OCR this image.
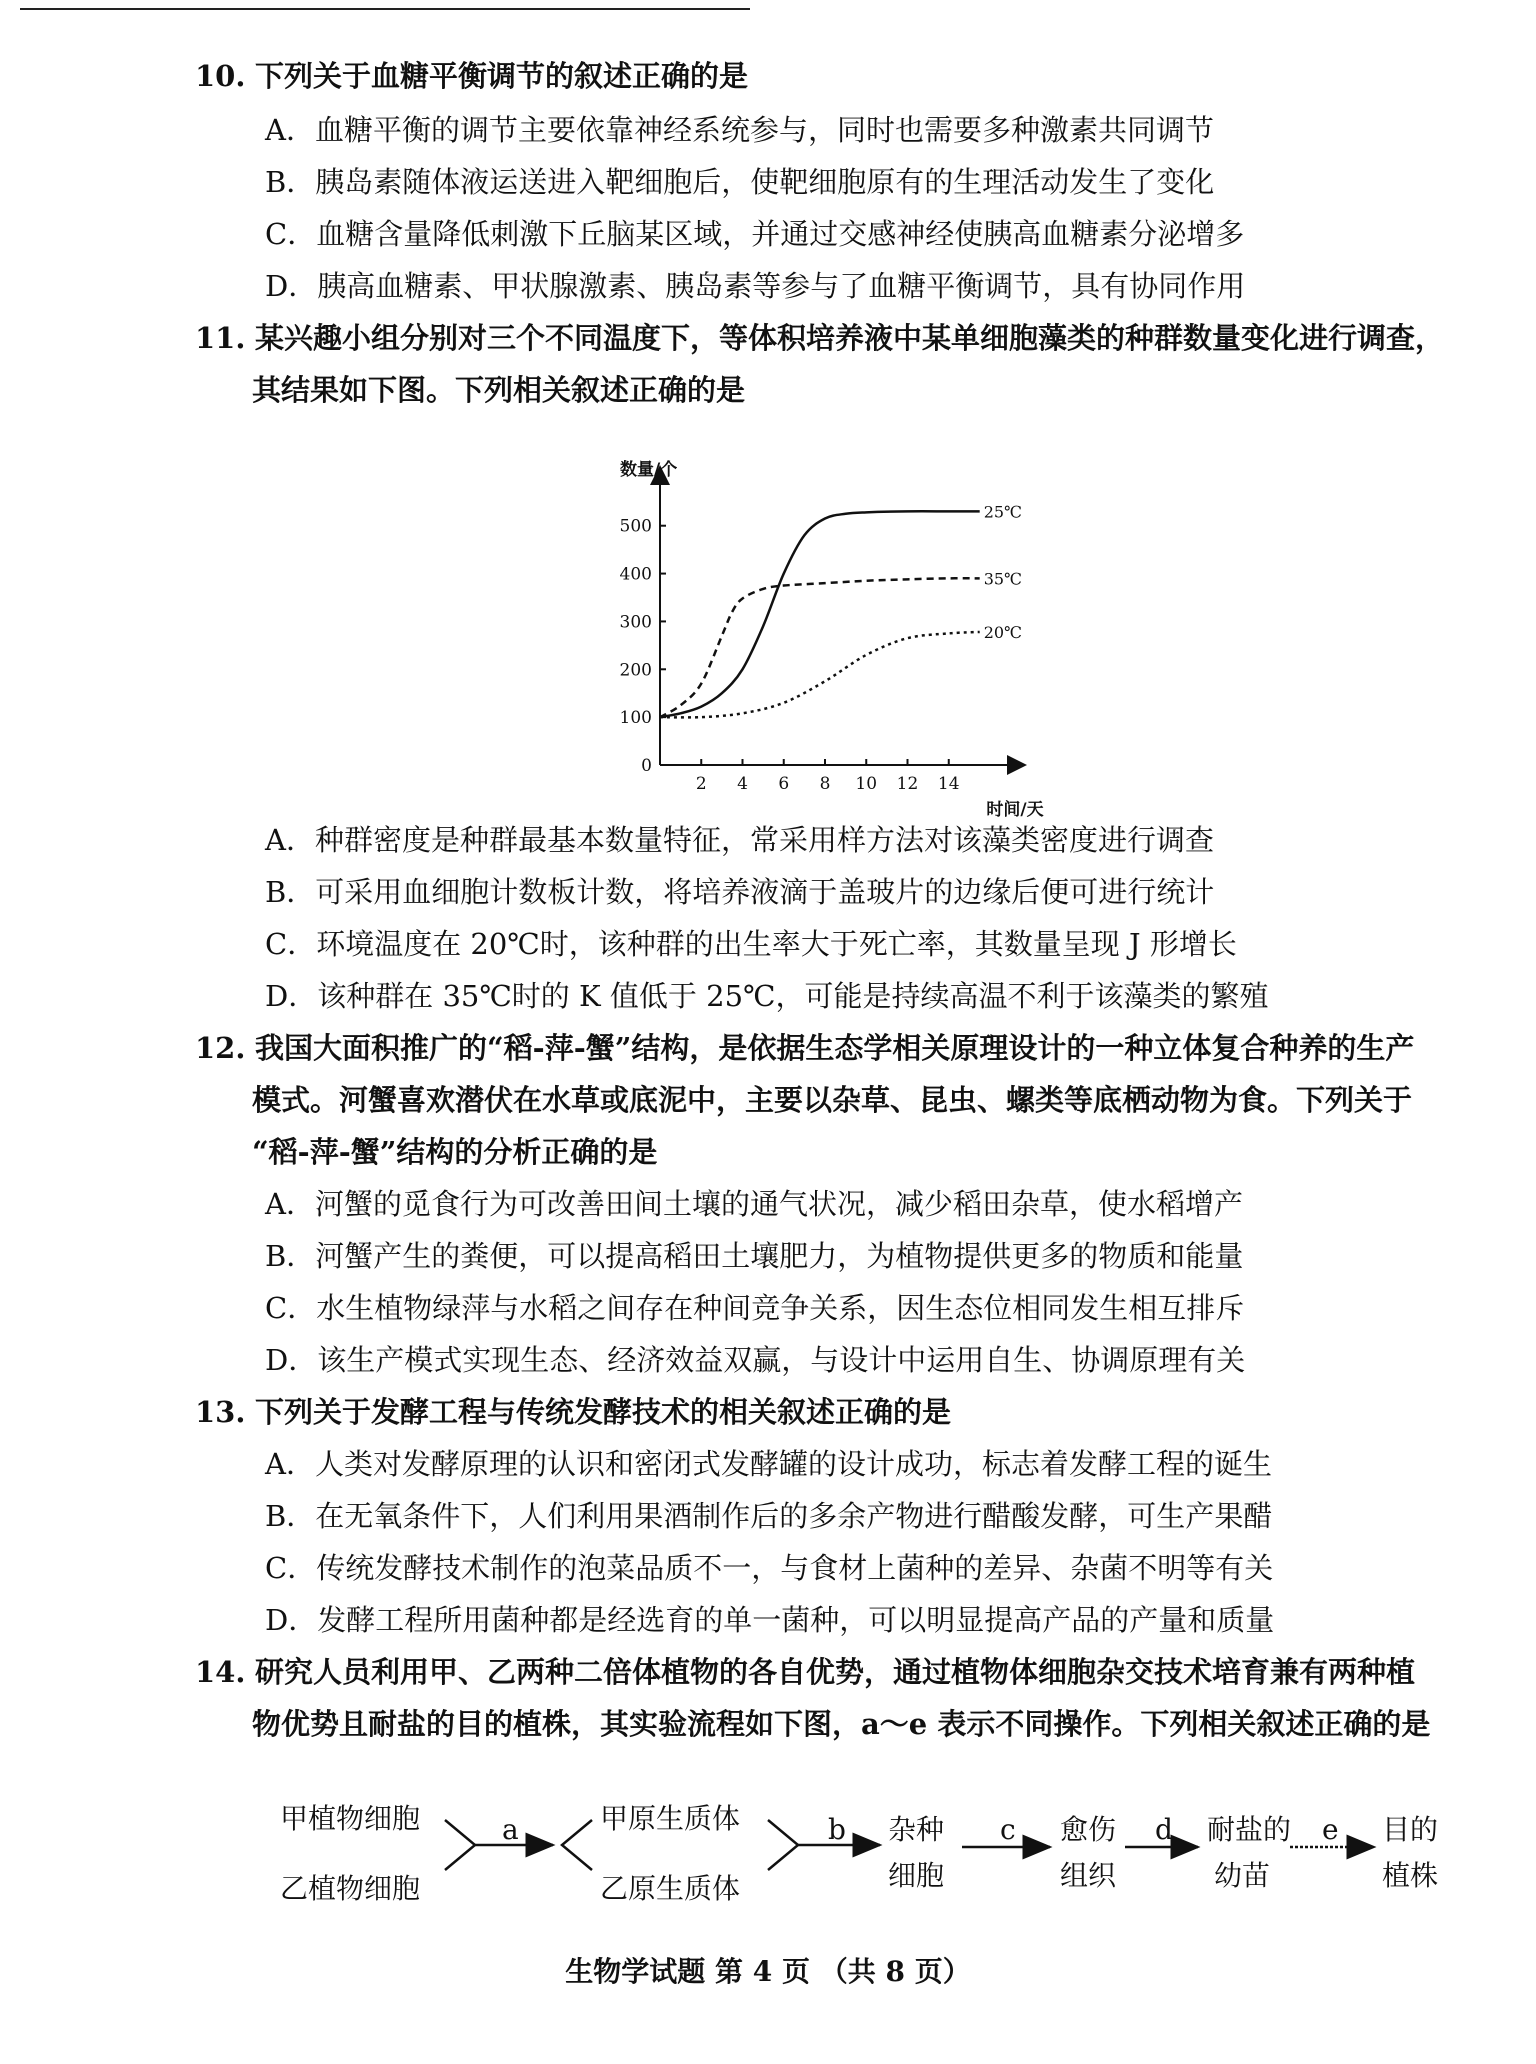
10. 下列关于血糖平衡调节的叙述正确的是
A．血糖平衡的调节主要依靠神经系统参与，同时也需要多种激素共同调节
B．胰岛素随体液运送进入靶细胞后，使靶细胞原有的生理活动发生了变化
C．血糖含量降低刺激下丘脑某区域，并通过交感神经使胰高血糖素分泌增多
D．胰高血糖素、甲状腺激素、胰岛素等参与了血糖平衡调节，具有协同作用
11. 某兴趣小组分别对三个不同温度下，等体积培养液中某单细胞藻类的种群数量变化进行调查，
其结果如下图。下列相关叙述正确的是
0
100
200
300
400
500
2 4 6 8 10 12 14
数量/个
时间/天
25℃
35℃
20℃
A．种群密度是种群最基本数量特征，常采用样方法对该藻类密度进行调查
B．可采用血细胞计数板计数，将培养液滴于盖玻片的边缘后便可进行统计
C．环境温度在 20℃时，该种群的出生率大于死亡率，其数量呈现 J 形增长
D．该种群在 35℃时的 K 值低于 25℃，可能是持续高温不利于该藻类的繁殖
12. 我国大面积推广的“稻-萍-蟹”结构，是依据生态学相关原理设计的一种立体复合种养的生产
模式。河蟹喜欢潜伏在水草或底泥中，主要以杂草、昆虫、螺类等底栖动物为食。下列关于
“稻-萍-蟹”结构的分析正确的是
A．河蟹的觅食行为可改善田间土壤的通气状况，减少稻田杂草，使水稻增产
B．河蟹产生的粪便，可以提高稻田土壤肥力，为植物提供更多的物质和能量
C．水生植物绿萍与水稻之间存在种间竞争关系，因生态位相同发生相互排斥
D．该生产模式实现生态、经济效益双赢，与设计中运用自生、协调原理有关
13. 下列关于发酵工程与传统发酵技术的相关叙述正确的是
A．人类对发酵原理的认识和密闭式发酵罐的设计成功，标志着发酵工程的诞生
B．在无氧条件下，人们利用果酒制作后的多余产物进行醋酸发酵，可生产果醋
C．传统发酵技术制作的泡菜品质不一，与食材上菌种的差异、杂菌不明等有关
D．发酵工程所用菌种都是经选育的单一菌种，可以明显提高产品的产量和质量
14. 研究人员利用甲、乙两种二倍体植物的各自优势，通过植物体细胞杂交技术培育兼有两种植
物优势且耐盐的目的植株，其实验流程如下图，a～e 表示不同操作。下列相关叙述正确的是
甲植物细胞
乙植物细胞
a	甲原生质体
乙原生质体
b 杂种
细胞
c 愈伤
组织
d 耐盐的
幼苗
e 目的
植株
生物学试题 第 4 页 （共 8 页）
